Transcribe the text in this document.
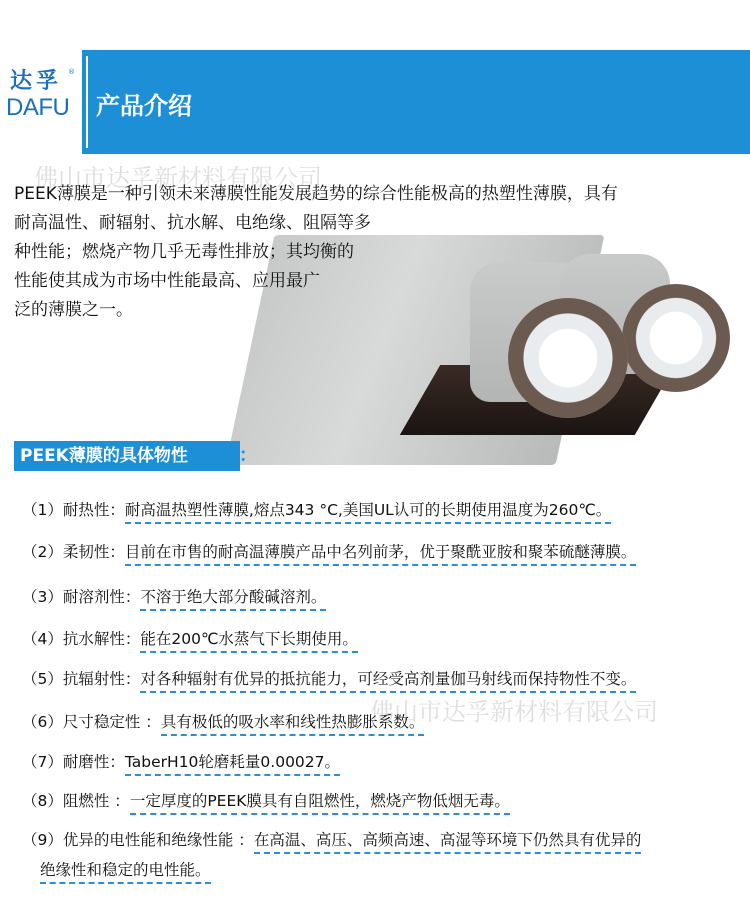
达孚 ®
DAFU 产品介绍
佛山市达孚新材料有限公司
PEEK薄膜是一种引领未来薄膜性能发展趋势的综合性能极高的热塑性薄膜，具有
耐高温性、耐辐射、抗水解、电绝缘、阻隔等多
种性能；燃烧产物几乎无毒性排放；其均衡的
性能使其成为市场中性能最高、应用最广
泛的薄膜之一。
PEEK薄膜的具体物性	：
（1）耐热性：耐高温热塑性薄膜,熔点343 °C,美国UL认可的长期使用温度为260℃。
（2）柔韧性：目前在市售的耐高温薄膜产品中名列前茅，优于聚酰亚胺和聚苯硫醚薄膜。
（3）耐溶剂性：不溶于绝大部分酸碱溶剂。
（4）抗水解性：能在200℃水蒸气下长期使用。
（5）抗辐射性：对各种辐射有优异的抵抗能力，可经受高剂量伽马射线而保持物性不变。
佛山市达孚新材料有限公司
（6）尺寸稳定性 ：具有极低的吸水率和线性热膨胀系数。
（7）耐磨性：TaberH10轮磨耗量0.00027。
（8）阻燃性 ：一定厚度的PEEK膜具有自阻燃性，燃烧产物低烟无毒。
（9）优异的电性能和绝缘性能 ：在高温、高压、高频高速、高湿等环境下仍然具有优异的
绝缘性和稳定的电性能。
